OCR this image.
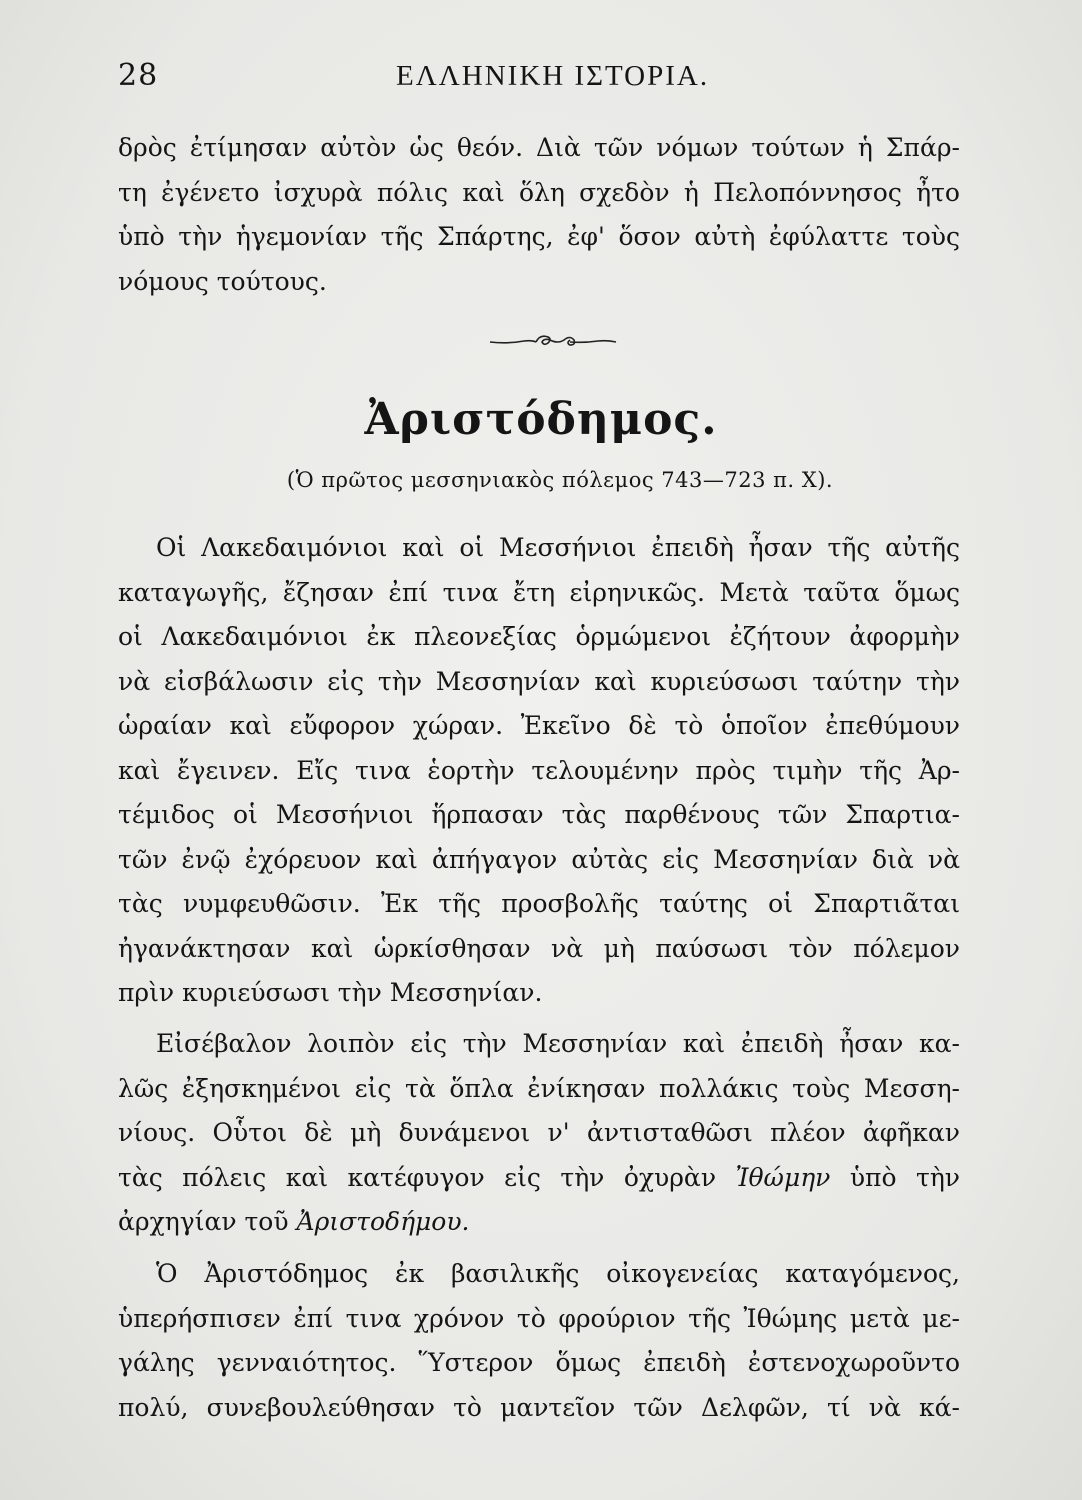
28	ΕΛΛΗΝΙΚΗ ΙΣΤΟΡΙΑ.
δρὸς ἐτίμησαν αὐτὸν ὡς θεόν. Διὰ τῶν νόμων τούτων ἡ Σπάρ-
τη ἐγένετο ἰσχυρὰ πόλις καὶ ὅλη σχεδὸν ἡ Πελοπόννησος ἦτο
ὑπὸ τὴν ἡγεμονίαν τῆς Σπάρτης, ἐφ' ὅσον αὐτὴ ἐφύλαττε τοὺς
νόμους τούτους.
Ἀριστόδημος.
(Ὁ πρῶτος μεσσηνιακὸς πόλεμος 743—723 π. Χ).
Οἱ Λακεδαιμόνιοι καὶ οἱ Μεσσήνιοι ἐπειδὴ ἦσαν τῆς αὐτῆς
καταγωγῆς, ἔζησαν ἐπί τινα ἔτη εἰρηνικῶς. Μετὰ ταῦτα ὅμως
οἱ Λακεδαιμόνιοι ἐκ πλεονεξίας ὁρμώμενοι ἐζήτουν ἀφορμὴν
νὰ εἰσβάλωσιν εἰς τὴν Μεσσηνίαν καὶ κυριεύσωσι ταύτην τὴν
ὡραίαν καὶ εὔφορον χώραν. Ἐκεῖνο δὲ τὸ ὁποῖον ἐπεθύμουν
καὶ ἔγεινεν. Εἴς τινα ἑορτὴν τελουμένην πρὸς τιμὴν τῆς Ἀρ-
τέμιδος οἱ Μεσσήνιοι ἥρπασαν τὰς παρθένους τῶν Σπαρτια-
τῶν ἐνῷ ἐχόρευον καὶ ἀπήγαγον αὐτὰς εἰς Μεσσηνίαν διὰ νὰ
τὰς νυμφευθῶσιν. Ἐκ τῆς προσβολῆς ταύτης οἱ Σπαρτιᾶται
ἠγανάκτησαν καὶ ὡρκίσθησαν νὰ μὴ παύσωσι τὸν πόλεμον
πρὶν κυριεύσωσι τὴν Μεσσηνίαν.
Εἰσέβαλον λοιπὸν εἰς τὴν Μεσσηνίαν καὶ ἐπειδὴ ἦσαν κα-
λῶς ἐξησκημένοι εἰς τὰ ὅπλα ἐνίκησαν πολλάκις τοὺς Μεσση-
νίους. Οὗτοι δὲ μὴ δυνάμενοι ν' ἀντισταθῶσι πλέον ἀφῆκαν
τὰς πόλεις καὶ κατέφυγον εἰς τὴν ὀχυρὰν Ἰθώμην ὑπὸ τὴν
ἀρχηγίαν τοῦ Ἀριστοδήμου.
Ὁ Ἀριστόδημος ἐκ βασιλικῆς οἰκογενείας καταγόμενος,
ὑπερήσπισεν ἐπί τινα χρόνον τὸ φρούριον τῆς Ἰθώμης μετὰ με-
γάλης γενναιότητος. Ὕστερον ὅμως ἐπειδὴ ἐστενοχωροῦντο
πολύ, συνεβουλεύθησαν τὸ μαντεῖον τῶν Δελφῶν, τί νὰ κά-
